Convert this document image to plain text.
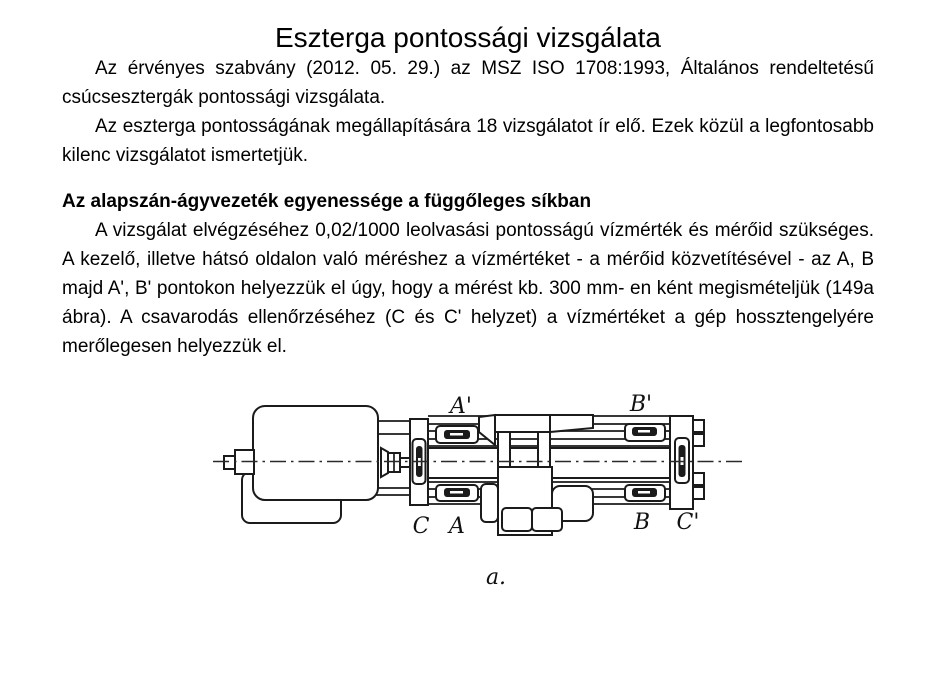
Eszterga pontossági vizsgálata

Az érvényes szabvány (2012. 05. 29.) az MSZ ISO 1708:1993, Általános rendeltetésű csúcsesztergák pontossági vizsgálata.

Az eszterga pontosságának megállapítására 18 vizsgálatot ír elő. Ezek közül a legfontosabb kilenc vizsgálatot ismertetjük.

Az alapszán-ágyvezeték egyenessége a függőleges síkban

A vizsgálat elvégzéséhez 0,02/1000 leolvasási pontosságú vízmérték és mérőid szükséges. A kezelő, illetve hátsó oldalon való méréshez a vízmértéket - a mérőid közvetítésével - az A, B majd A', B' pontokon helyezzük el úgy, hogy a mérést kb. 300 mm- en ként megismételjük (149a ábra). A csavarodás ellenőrzéséhez (C és C' helyzet) a vízmértéket a gép hossztengelyére merőlegesen helyezzük el.

A'	B'
C A	B C'
a.
